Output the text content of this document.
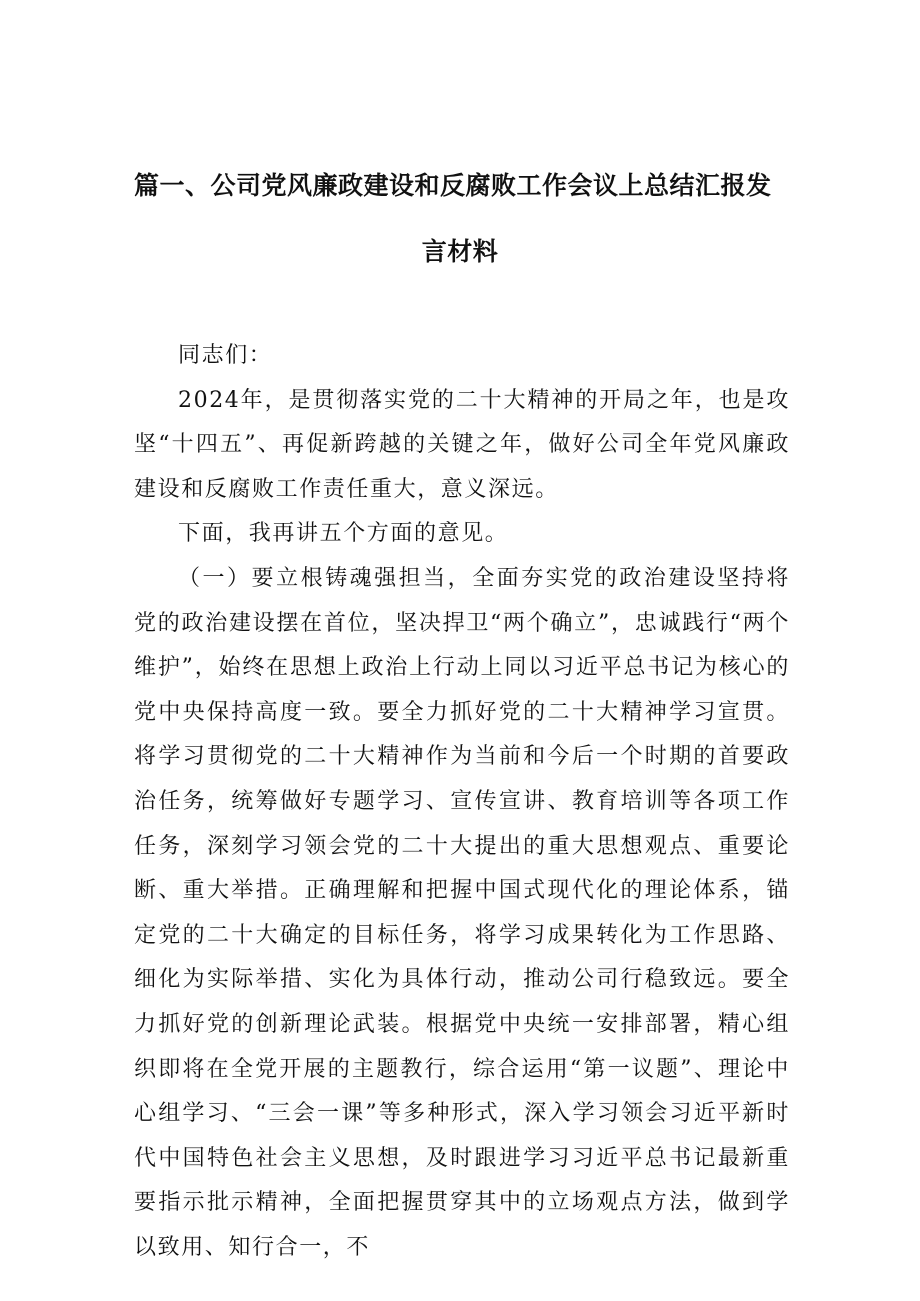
篇一、公司党风廉政建设和反腐败工作会议上总结汇报发
言材料

同志们：

2024年，是贯彻落实党的二十大精神的开局之年，也是攻坚“十四五”、再促新跨越的关键之年，做好公司全年党风廉政建设和反腐败工作责任重大，意义深远。

下面，我再讲五个方面的意见。

（一）要立根铸魂强担当，全面夯实党的政治建设坚持将党的政治建设摆在首位，坚决捍卫“两个确立”，忠诚践行“两个维护”，始终在思想上政治上行动上同以习近平总书记为核心的党中央保持高度一致。要全力抓好党的二十大精神学习宣贯。将学习贯彻党的二十大精神作为当前和今后一个时期的首要政治任务，统筹做好专题学习、宣传宣讲、教育培训等各项工作任务，深刻学习领会党的二十大提出的重大思想观点、重要论断、重大举措。正确理解和把握中国式现代化的理论体系，锚定党的二十大确定的目标任务，将学习成果转化为工作思路、细化为实际举措、实化为具体行动，推动公司行稳致远。要全力抓好党的创新理论武装。根据党中央统一安排部署，精心组织即将在全党开展的主题教行，综合运用“第一议题”、理论中心组学习、“三会一课”等多种形式，深入学习领会习近平新时代中国特色社会主义思想，及时跟进学习习近平总书记最新重要指示批示精神，全面把握贯穿其中的立场观点方法，做到学以致用、知行合一，不
